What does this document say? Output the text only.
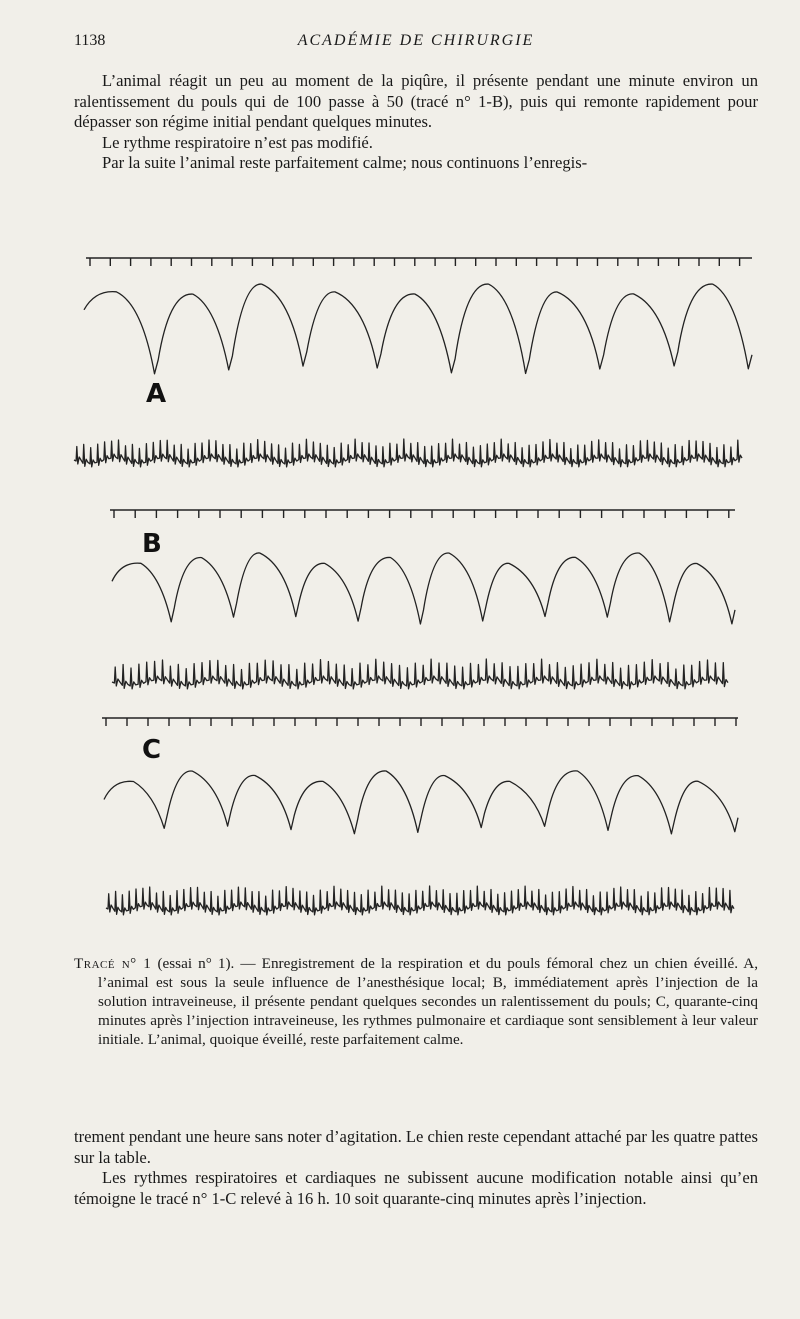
1138	ACADÉMIE DE CHIRURGIE

L’animal réagit un peu au moment de la piqûre, il présente pendant une minute environ un ralentissement du pouls qui de 100 passe à 50 (tracé n° 1-B), puis qui remonte rapidement pour dépasser son régime initial pendant quelques minutes.

Le rythme respiratoire n’est pas modifié.

Par la suite l’animal reste parfaitement calme; nous continuons l’enregis-

A
B
C

Tracé n° 1 (essai n° 1). — Enregistrement de la respiration et du pouls fémoral chez un chien éveillé. A, l’animal est sous la seule influence de l’anesthésique local; B, immédiatement après l’injection de la solution intraveineuse, il présente pendant quelques secondes un ralentissement du pouls; C, quarante-cinq minutes après l’injection intraveineuse, les rythmes pulmonaire et cardiaque sont sensiblement à leur valeur initiale. L’animal, quoique éveillé, reste parfaitement calme.

trement pendant une heure sans noter d’agitation. Le chien reste cependant attaché par les quatre pattes sur la table.

Les rythmes respiratoires et cardiaques ne subissent aucune modification notable ainsi qu’en témoigne le tracé n° 1-C relevé à 16 h. 10 soit quarante-cinq minutes après l’injection.
